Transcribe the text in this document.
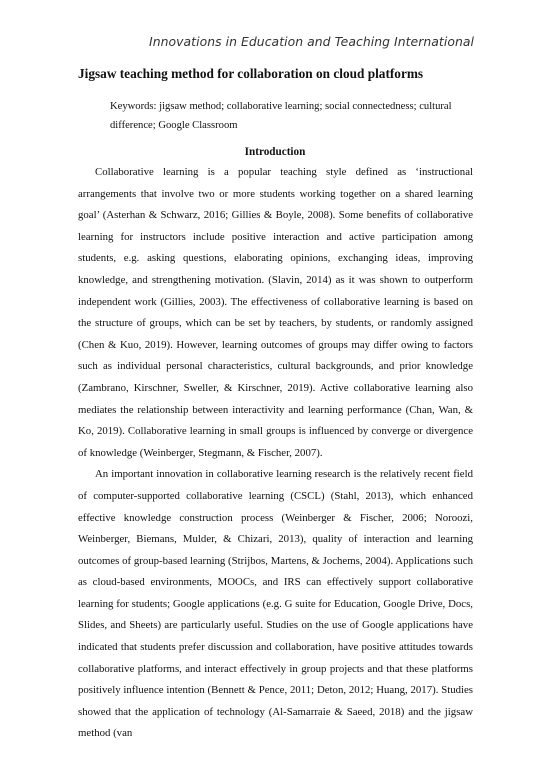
Innovations in Education and Teaching International
Jigsaw teaching method for collaboration on cloud platforms

Keywords: jigsaw method; collaborative learning; social connectedness; cultural difference; Google Classroom

Introduction

Collaborative learning is a popular teaching style defined as ‘instructional arrangements that involve two or more students working together on a shared learning goal’ (Asterhan & Schwarz, 2016; Gillies & Boyle, 2008). Some benefits of collaborative learning for instructors include positive interaction and active participation among students, e.g. asking questions, elaborating opinions, exchanging ideas, improving knowledge, and strengthening motivation. (Slavin, 2014) as it was shown to outperform independent work (Gillies, 2003). The effectiveness of collaborative learning is based on the structure of groups, which can be set by teachers, by students, or randomly assigned (Chen & Kuo, 2019). However, learning outcomes of groups may differ owing to factors such as individual personal characteristics, cultural backgrounds, and prior knowledge (Zambrano, Kirschner, Sweller, & Kirschner, 2019). Active collaborative learning also mediates the relationship between interactivity and learning performance (Chan, Wan, & Ko, 2019). Collaborative learning in small groups is influenced by converge or divergence of knowledge (Weinberger, Stegmann, & Fischer, 2007).

An important innovation in collaborative learning research is the relatively recent field of computer-supported collaborative learning (CSCL) (Stahl, 2013), which enhanced effective knowledge construction process (Weinberger & Fischer, 2006; Noroozi, Weinberger, Biemans, Mulder, & Chizari, 2013), quality of interaction and learning outcomes of group-based learning (Strijbos, Martens, & Jochems, 2004). Applications such as cloud-based environments, MOOCs, and IRS can effectively support collaborative learning for students; Google applications (e.g. G suite for Education, Google Drive, Docs, Slides, and Sheets) are particularly useful. Studies on the use of Google applications have indicated that students prefer discussion and collaboration, have positive attitudes towards collaborative platforms, and interact effectively in group projects and that these platforms positively influence intention (Bennett & Pence, 2011; Deton, 2012; Huang, 2017). Studies showed that the application of technology (Al-Samarraie & Saeed, 2018) and the jigsaw method (van
